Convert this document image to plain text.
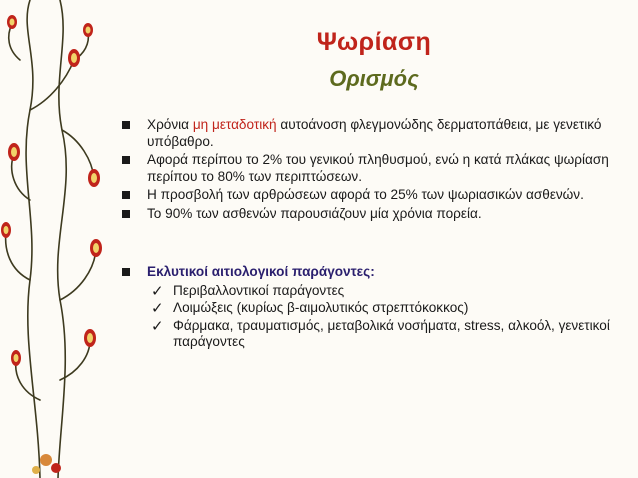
Ψωρίαση
Ορισμός
Χρόνια μη μεταδοτική αυτοάνοση φλεγμονώδης δερματοπάθεια, με γενετικό υπόβαθρο.
Αφορά περίπου το 2% του γενικού πληθυσμού, ενώ η κατά πλάκας ψωρίαση περίπου το 80% των περιπτώσεων.
Η προσβολή των αρθρώσεων αφορά το 25% των ψωριασικών ασθενών.
Το 90% των ασθενών παρουσιάζουν μία χρόνια πορεία.
Εκλυτικοί αιτιολογικοί παράγοντες:
✓ Περιβαλλοντικοί παράγοντες
✓ Λοιμώξεις (κυρίως β-αιμολυτικός στρεπτόκοκκος)
✓ Φάρμακα, τραυματισμός, μεταβολικά νοσήματα, stress, αλκοόλ, γενετικοί παράγοντες
